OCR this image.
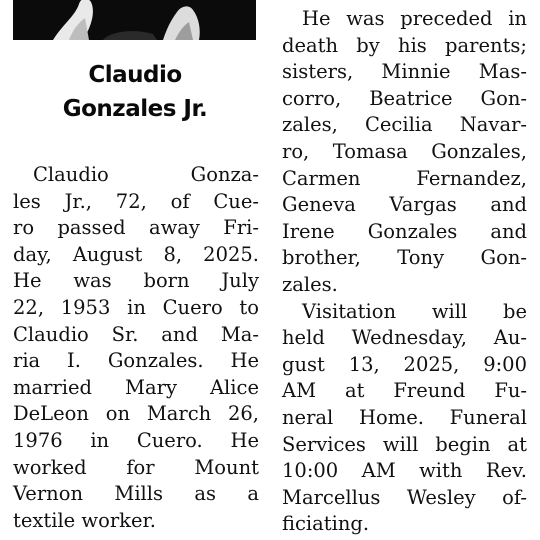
Claudio
Gonzales Jr.
Claudio Gonza-
les Jr., 72, of Cue-
ro passed away Fri-
day, August 8, 2025.
He was born July
22, 1953 in Cuero to
Claudio Sr. and Ma-
ria I. Gonzales. He
married Mary Alice
DeLeon on March 26,
1976 in Cuero. He
worked for Mount
Vernon Mills as a
textile worker.
He was preceded in
death by his parents;
sisters, Minnie Mas-
corro, Beatrice Gon-
zales, Cecilia Navar-
ro, Tomasa Gonzales,
Carmen Fernandez,
Geneva Vargas and
Irene Gonzales and
brother, Tony Gon-
zales.
Visitation will be
held Wednesday, Au-
gust 13, 2025, 9:00
AM at Freund Fu-
neral Home. Funeral
Services will begin at
10:00 AM with Rev.
Marcellus Wesley of-
ficiating.
